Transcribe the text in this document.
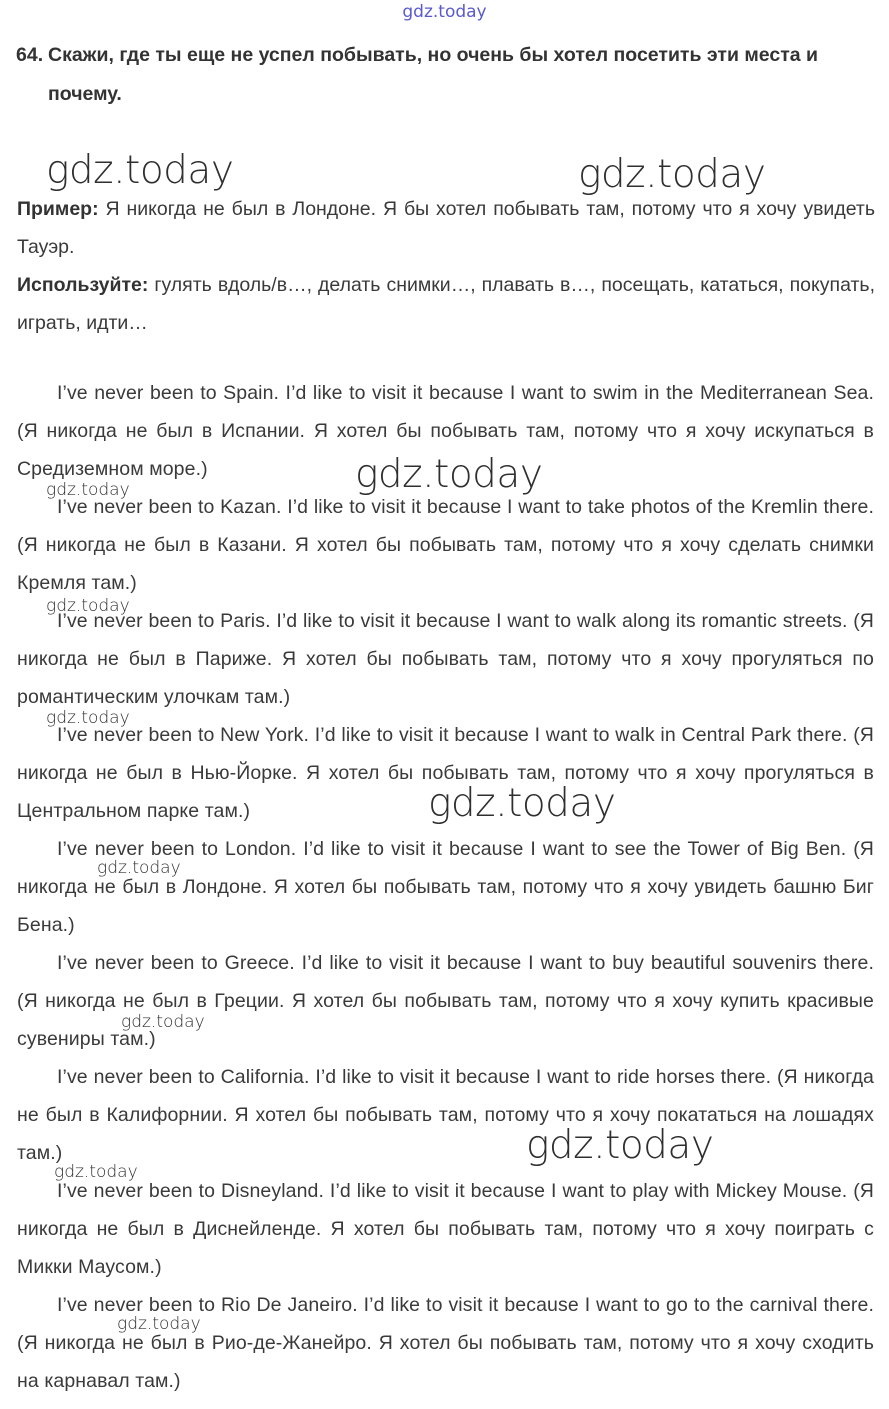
gdz.today
64. Скажи, где ты еще не успел побывать, но очень бы хотел посетить эти места и почему.
Пример: Я никогда не был в Лондоне. Я бы хотел побывать там, потому что я хочу увидеть Тауэр.
Используйте: гулять вдоль/в…, делать снимки…, плавать в…, посещать, кататься, покупать, играть, идти…
I’ve never been to Spain. I’d like to visit it because I want to swim in the Mediterranean Sea. (Я никогда не был в Испании. Я хотел бы побывать там, потому что я хочу искупаться в Средиземном море.)
I’ve never been to Kazan. I’d like to visit it because I want to take photos of the Kremlin there. (Я никогда не был в Казани. Я хотел бы побывать там, потому что я хочу сделать снимки Кремля там.)
I’ve never been to Paris. I’d like to visit it because I want to walk along its romantic streets. (Я никогда не был в Париже. Я хотел бы побывать там, потому что я хочу прогуляться по романтическим улочкам там.)
I’ve never been to New York. I’d like to visit it because I want to walk in Central Park there. (Я никогда не был в Нью-Йорке. Я хотел бы побывать там, потому что я хочу прогуляться в Центральном парке там.)
I’ve never been to London. I’d like to visit it because I want to see the Tower of Big Ben. (Я никогда не был в Лондоне. Я хотел бы побывать там, потому что я хочу увидеть башню Биг Бена.)
I’ve never been to Greece. I’d like to visit it because I want to buy beautiful souvenirs there. (Я никогда не был в Греции. Я хотел бы побывать там, потому что я хочу купить красивые сувениры там.)
I’ve never been to California. I’d like to visit it because I want to ride horses there. (Я никогда не был в Калифорнии. Я хотел бы побывать там, потому что я хочу покататься на лошадях там.)
I’ve never been to Disneyland. I’d like to visit it because I want to play with Mickey Mouse. (Я никогда не был в Диснейленде. Я хотел бы побывать там, потому что я хочу поиграть с Микки Маусом.)
I’ve never been to Rio De Janeiro. I’d like to visit it because I want to go to the carnival there. (Я никогда не был в Рио-де-Жанейро. Я хотел бы побывать там, потому что я хочу сходить на карнавал там.)
gdz.today	gdz.today
gdz.today
gdz.today
gdz.today
gdz.today
gdz.today
gdz.today
gdz.today
gdz.today
gdz.today
gdz.today
